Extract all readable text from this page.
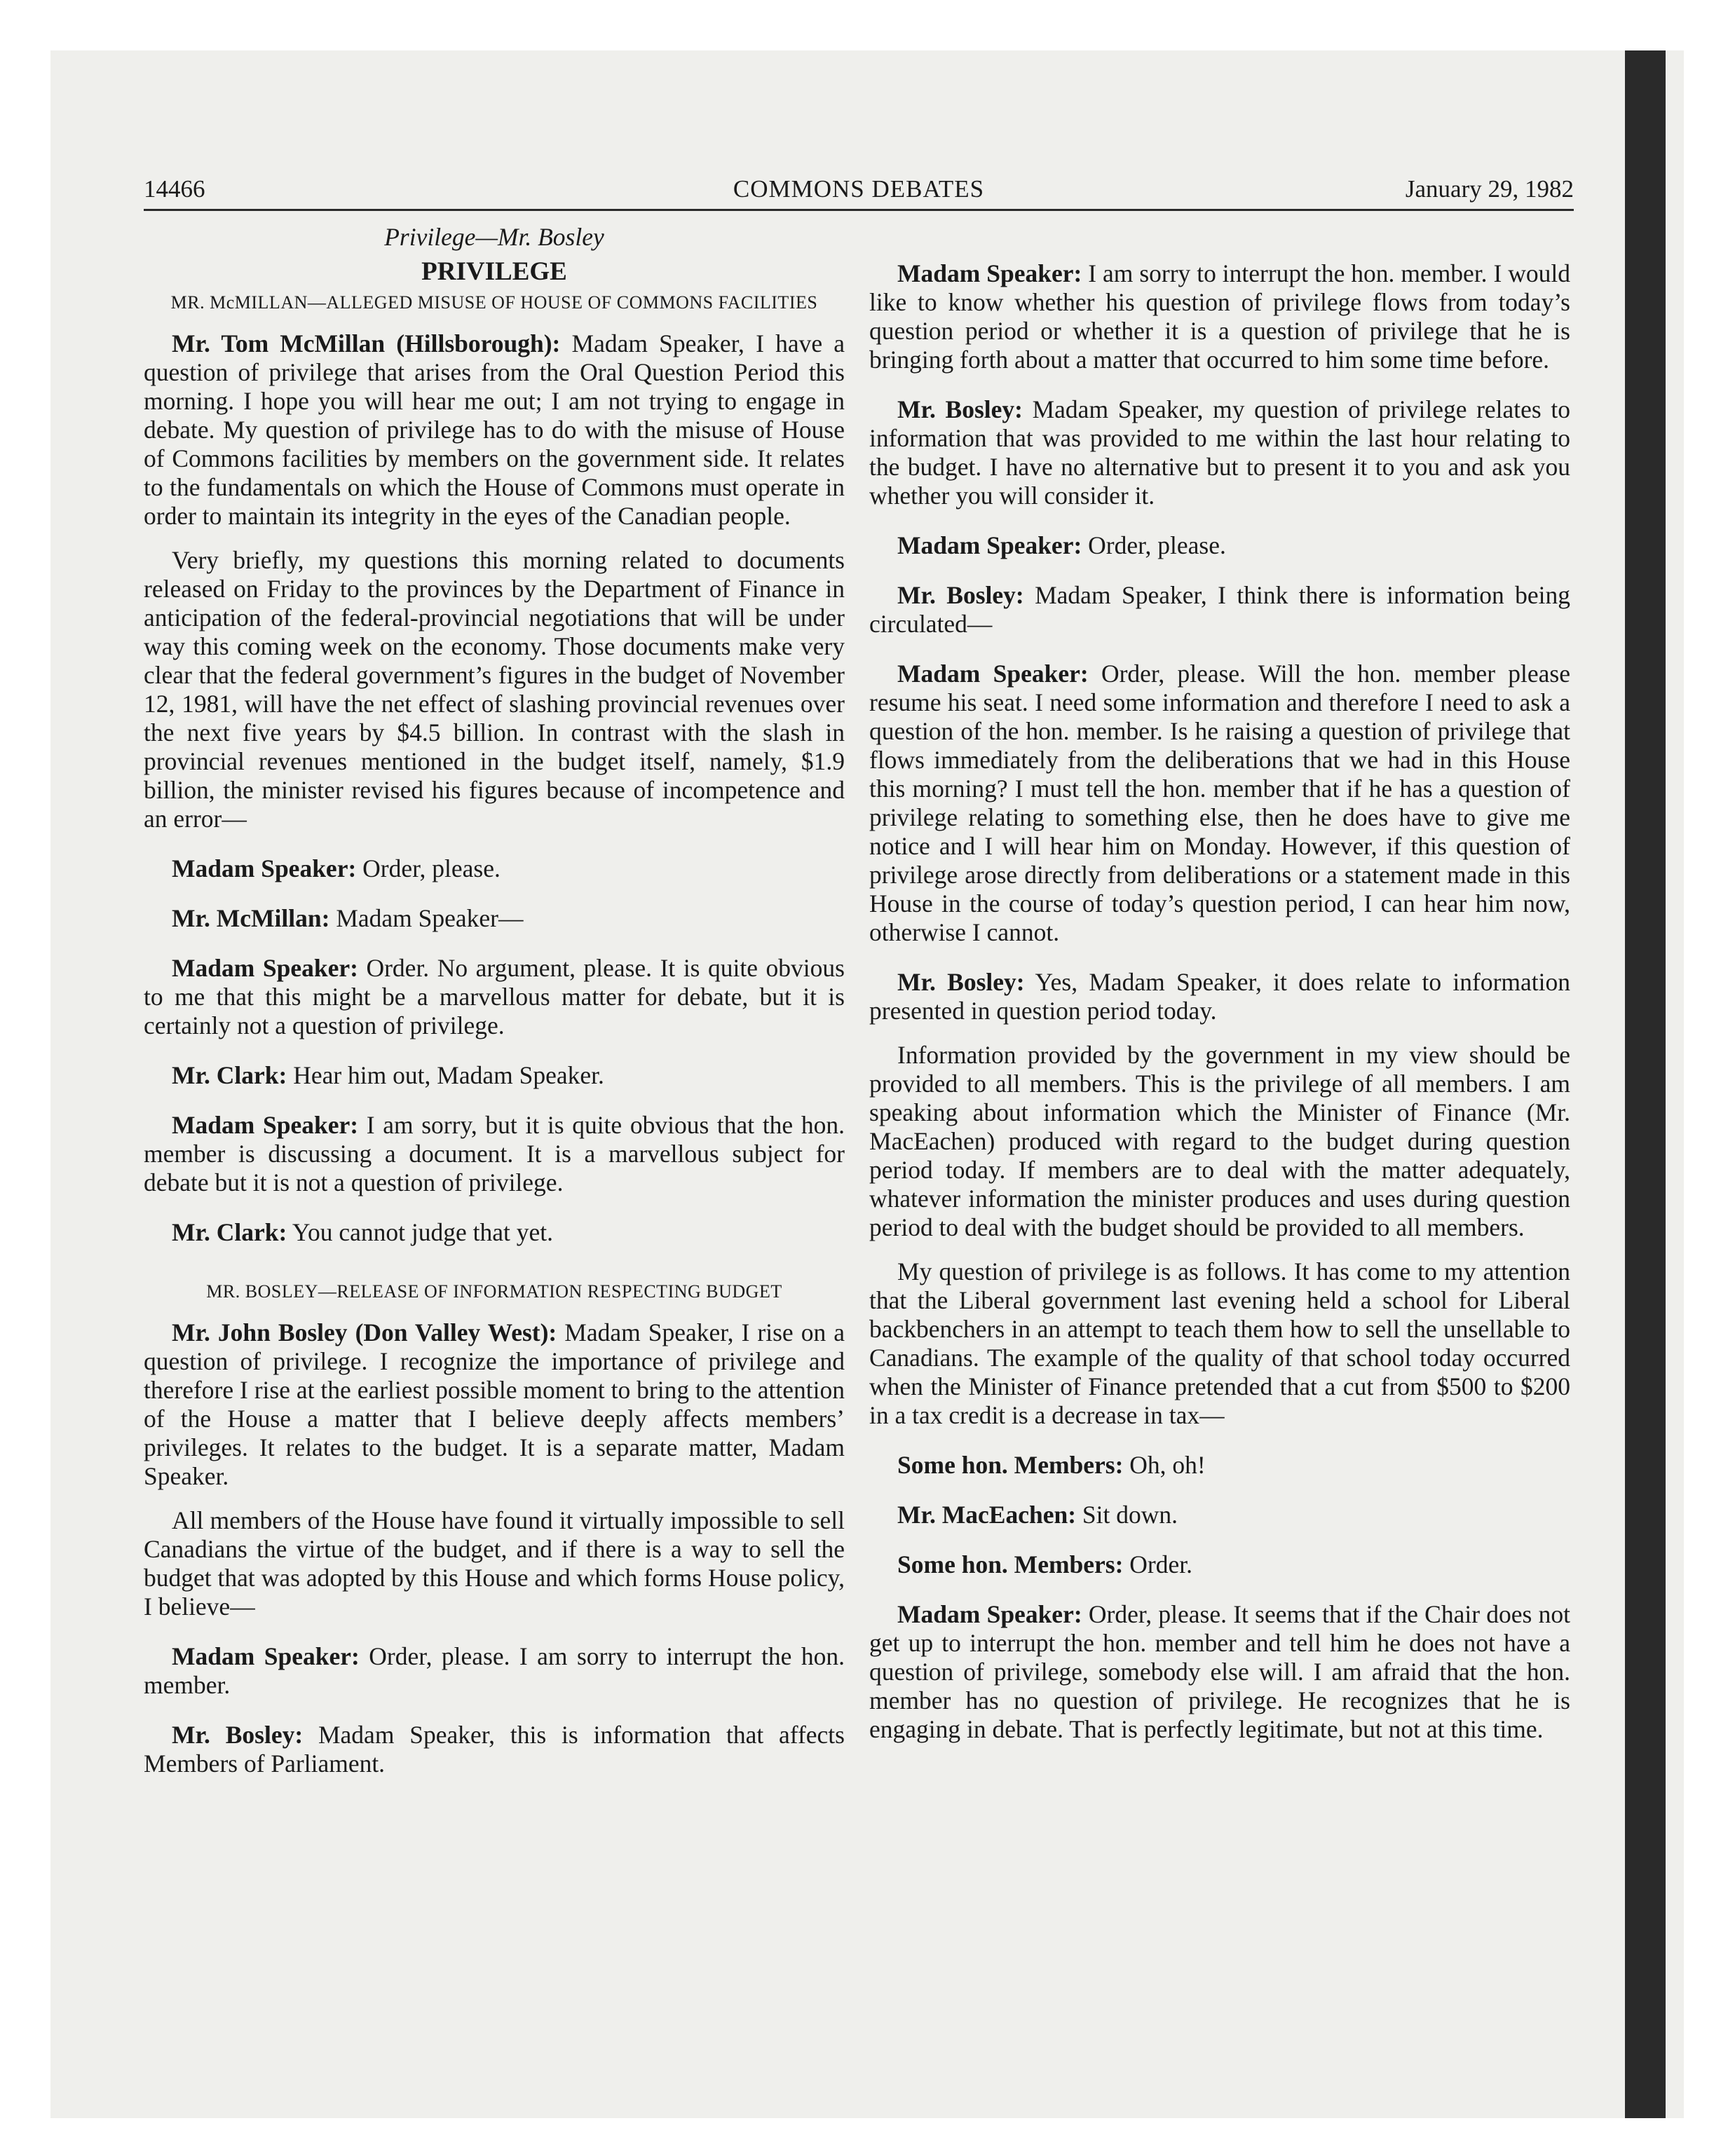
14466	COMMONS DEBATES	January 29, 1982
Privilege—Mr. Bosley
PRIVILEGE
MR. McMILLAN—ALLEGED MISUSE OF HOUSE OF COMMONS FACILITIES

Mr. Tom McMillan (Hillsborough): Madam Speaker, I have a question of privilege that arises from the Oral Question Period this morning. I hope you will hear me out; I am not trying to engage in debate. My question of privilege has to do with the misuse of House of Commons facilities by members on the government side. It relates to the fundamentals on which the House of Commons must operate in order to maintain its integrity in the eyes of the Canadian people.

Very briefly, my questions this morning related to documents released on Friday to the provinces by the Department of Finance in anticipation of the federal-provincial negotiations that will be under way this coming week on the economy. Those documents make very clear that the federal government’s figures in the budget of November 12, 1981, will have the net effect of slashing provincial revenues over the next five years by $4.5 billion. In contrast with the slash in provincial revenues mentioned in the budget itself, namely, $1.9 billion, the minister revised his figures because of incompetence and an error—

Madam Speaker: Order, please.

Mr. McMillan: Madam Speaker—

Madam Speaker: Order. No argument, please. It is quite obvious to me that this might be a marvellous matter for debate, but it is certainly not a question of privilege.

Mr. Clark: Hear him out, Madam Speaker.

Madam Speaker: I am sorry, but it is quite obvious that the hon. member is discussing a document. It is a marvellous subject for debate but it is not a question of privilege.

Mr. Clark: You cannot judge that yet.

MR. BOSLEY—RELEASE OF INFORMATION RESPECTING BUDGET

Mr. John Bosley (Don Valley West): Madam Speaker, I rise on a question of privilege. I recognize the importance of privilege and therefore I rise at the earliest possible moment to bring to the attention of the House a matter that I believe deeply affects members’ privileges. It relates to the budget. It is a separate matter, Madam Speaker.

All members of the House have found it virtually impossible to sell Canadians the virtue of the budget, and if there is a way to sell the budget that was adopted by this House and which forms House policy, I believe—

Madam Speaker: Order, please. I am sorry to interrupt the hon. member.

Mr. Bosley: Madam Speaker, this is information that affects Members of Parliament.

Madam Speaker: I am sorry to interrupt the hon. member. I would like to know whether his question of privilege flows from today’s question period or whether it is a question of privilege that he is bringing forth about a matter that occurred to him some time before.

Mr. Bosley: Madam Speaker, my question of privilege relates to information that was provided to me within the last hour relating to the budget. I have no alternative but to present it to you and ask you whether you will consider it.

Madam Speaker: Order, please.

Mr. Bosley: Madam Speaker, I think there is information being circulated—

Madam Speaker: Order, please. Will the hon. member please resume his seat. I need some information and therefore I need to ask a question of the hon. member. Is he raising a question of privilege that flows immediately from the deliberations that we had in this House this morning? I must tell the hon. member that if he has a question of privilege relating to something else, then he does have to give me notice and I will hear him on Monday. However, if this question of privilege arose directly from deliberations or a statement made in this House in the course of today’s question period, I can hear him now, otherwise I cannot.

Mr. Bosley: Yes, Madam Speaker, it does relate to information presented in question period today.

Information provided by the government in my view should be provided to all members. This is the privilege of all members. I am speaking about information which the Minister of Finance (Mr. MacEachen) produced with regard to the budget during question period today. If members are to deal with the matter adequately, whatever information the minister produces and uses during question period to deal with the budget should be provided to all members.

My question of privilege is as follows. It has come to my attention that the Liberal government last evening held a school for Liberal backbenchers in an attempt to teach them how to sell the unsellable to Canadians. The example of the quality of that school today occurred when the Minister of Finance pretended that a cut from $500 to $200 in a tax credit is a decrease in tax—

Some hon. Members: Oh, oh!

Mr. MacEachen: Sit down.

Some hon. Members: Order.

Madam Speaker: Order, please. It seems that if the Chair does not get up to interrupt the hon. member and tell him he does not have a question of privilege, somebody else will. I am afraid that the hon. member has no question of privilege. He recognizes that he is engaging in debate. That is perfectly legitimate, but not at this time.
